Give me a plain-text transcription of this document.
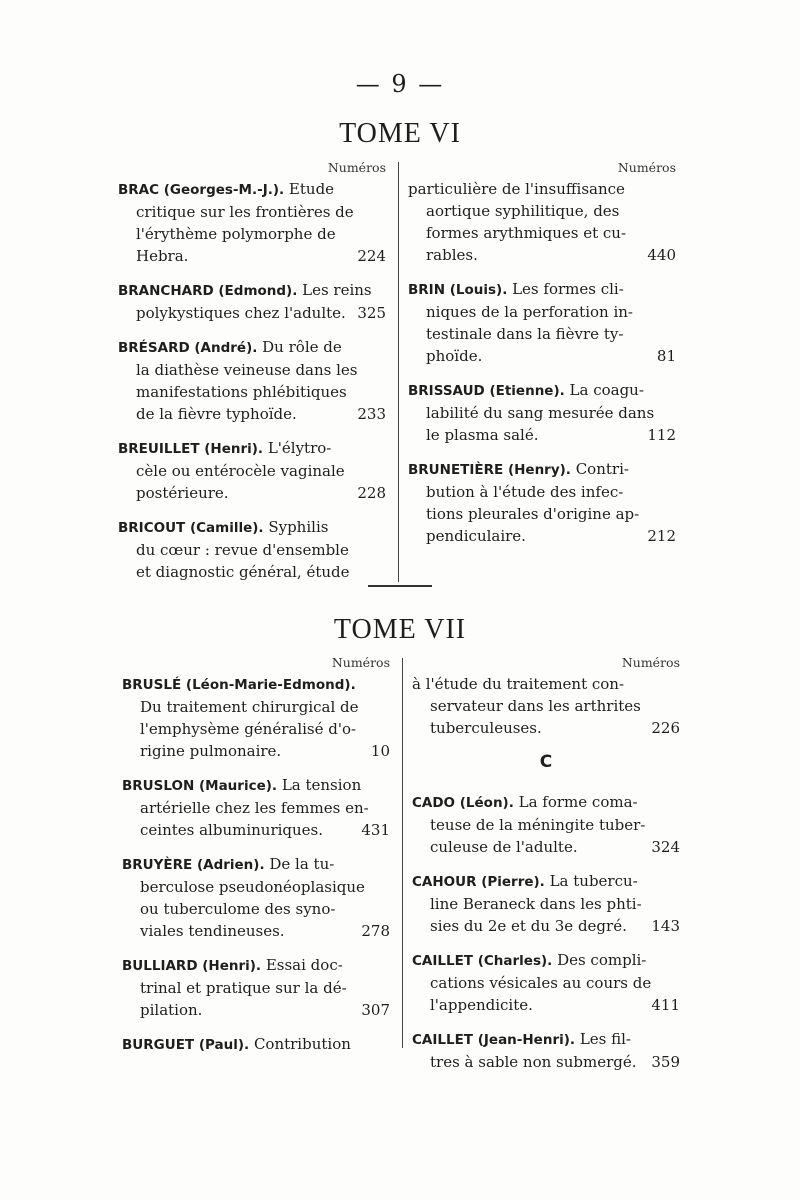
— 9 —
TOME VI
Numéros
BRAC (Georges-M.-J.). Etude
critique sur les frontières de
l'érythème polymorphe de
Hebra.	224
BRANCHARD (Edmond). Les reins
polykystiques chez l'adulte. 325
BRÉSARD (André). Du rôle de
la diathèse veineuse dans les
manifestations phlébitiques
de la fièvre typhoïde.	233
BREUILLET (Henri). L'élytro-
cèle ou entérocèle vaginale
postérieure.	228
BRICOUT (Camille). Syphilis
du cœur : revue d'ensemble
et diagnostic général, étude
Numéros
particulière de l'insuffisance
aortique syphilitique, des
formes arythmiques et cu-
rables.	440
BRIN (Louis). Les formes cli-
niques de la perforation in-
testinale dans la fièvre ty-
phoïde.	81
BRISSAUD (Etienne). La coagu-
labilité du sang mesurée dans
le plasma salé.	112
BRUNETIÈRE (Henry). Contri-
bution à l'étude des infec-
tions pleurales d'origine ap-
pendiculaire.	212
TOME VII
Numéros
BRUSLÉ (Léon-Marie-Edmond).
Du traitement chirurgical de
l'emphysème généralisé d'o-
rigine pulmonaire.	10
BRUSLON (Maurice). La tension
artérielle chez les femmes en-
ceintes albuminuriques.	431
BRUYÈRE (Adrien). De la tu-
berculose pseudonéoplasique
ou tuberculome des syno-
viales tendineuses.	278
BULLIARD (Henri). Essai doc-
trinal et pratique sur la dé-
pilation.	307
BURGUET (Paul). Contribution
Numéros
à l'étude du traitement con-
servateur dans les arthrites
tuberculeuses.	226
C
CADO (Léon). La forme coma-
teuse de la méningite tuber-
culeuse de l'adulte.	324
CAHOUR (Pierre). La tubercu-
line Beraneck dans les phti-
sies du 2e et du 3e degré.	143
CAILLET (Charles). Des compli-
cations vésicales au cours de
l'appendicite.	411
CAILLET (Jean-Henri). Les fil-
tres à sable non submergé. 359
